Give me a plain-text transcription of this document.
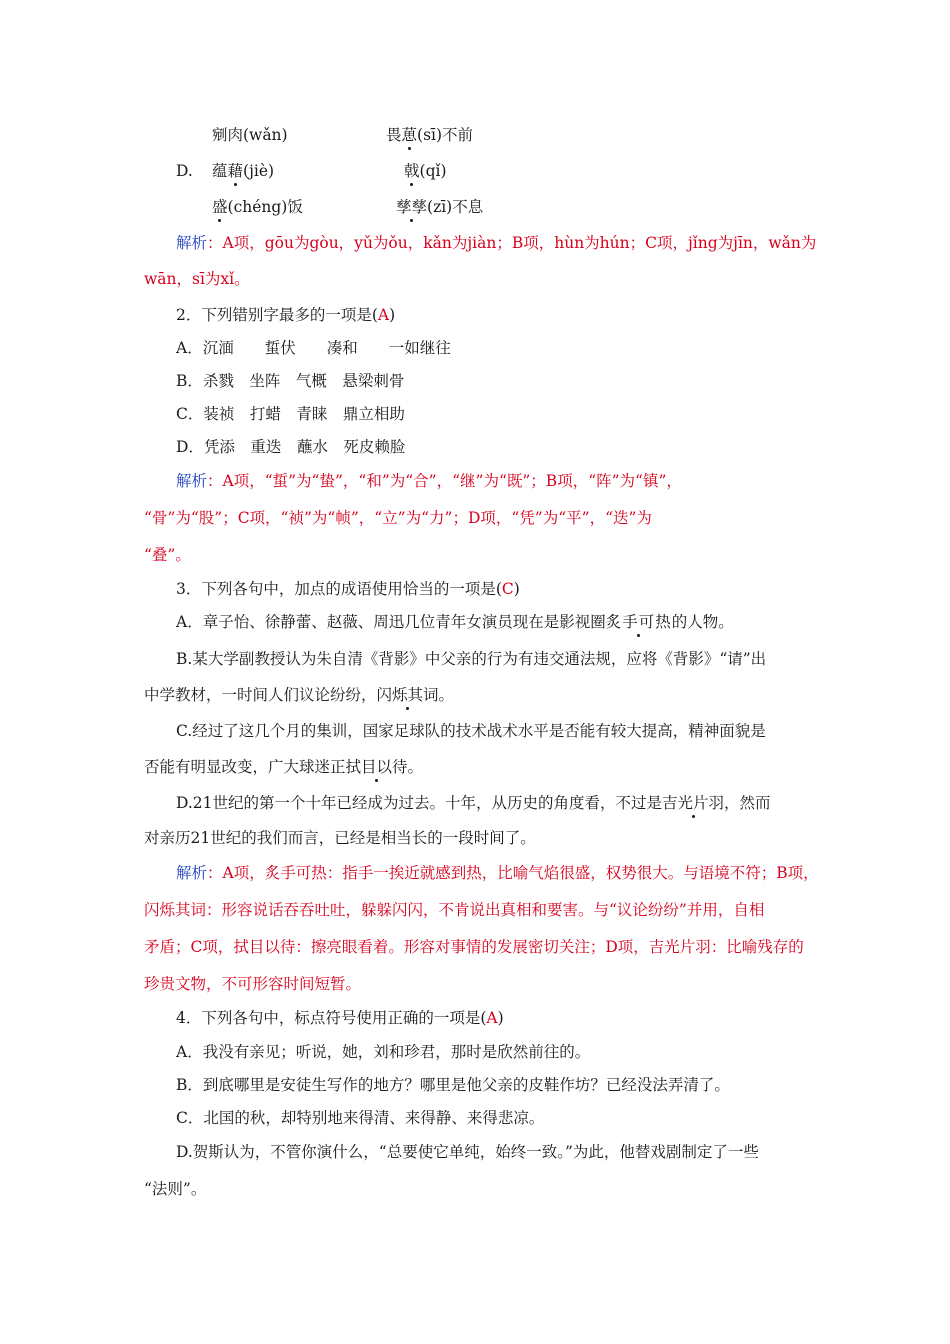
剜肉(wǎn)	畏葸(sī)不前
D. 蕴藉(jiè)	戟(qǐ)
盛(chéng)饭	孳孳(zī)不息
解析：A项，gōu为gòu，yǔ为ǒu，kǎn为jiàn；B项，hùn为hún；C项，jǐng为jīn，wǎn为
wān，sī为xǐ。
2．下列错别字最多的一项是(A)
A．沉湎　　蜇伏　　凑和　　一如继往
B．杀戮　坐阵　气概　悬梁刺骨
C．装祯　打蜡　青睐　鼎立相助
D．凭添　重迭　蘸水　死皮赖脸
解析：A项，“蜇”为“蛰”，“和”为“合”，“继”为“既”；B项，“阵”为“镇”，
“骨”为“股”；C项，“祯”为“帧”，“立”为“力”；D项，“凭”为“平”，“迭”为
“叠”。
3．下列各句中，加点的成语使用恰当的一项是(C)
A．章子怡、徐静蕾、赵薇、周迅几位青年女演员现在是影视圈炙手可热的人物。
B.某大学副教授认为朱自清《背影》中父亲的行为有违交通法规，应将《背影》“请”出
中学教材，一时间人们议论纷纷，闪烁其词。
C.经过了这几个月的集训，国家足球队的技术战术水平是否能有较大提高，精神面貌是
否能有明显改变，广大球迷正拭目以待。
D.21世纪的第一个十年已经成为过去。十年，从历史的角度看，不过是吉光片羽，然而
对亲历21世纪的我们而言，已经是相当长的一段时间了。
解析：A项，炙手可热：指手一挨近就感到热，比喻气焰很盛，权势很大。与语境不符；B项，
闪烁其词：形容说话吞吞吐吐，躲躲闪闪，不肯说出真相和要害。与“议论纷纷”并用，自相
矛盾；C项，拭目以待：擦亮眼看着。形容对事情的发展密切关注；D项，吉光片羽：比喻残存的
珍贵文物，不可形容时间短暂。
4．下列各句中，标点符号使用正确的一项是(A)
A．我没有亲见；听说，她，刘和珍君，那时是欣然前往的。
B．到底哪里是安徒生写作的地方？哪里是他父亲的皮鞋作坊？已经没法弄清了。
C．北国的秋，却特别地来得清、来得静、来得悲凉。
D.贺斯认为，不管你演什么，“总要使它单纯，始终一致。”为此，他替戏剧制定了一些
“法则”。
